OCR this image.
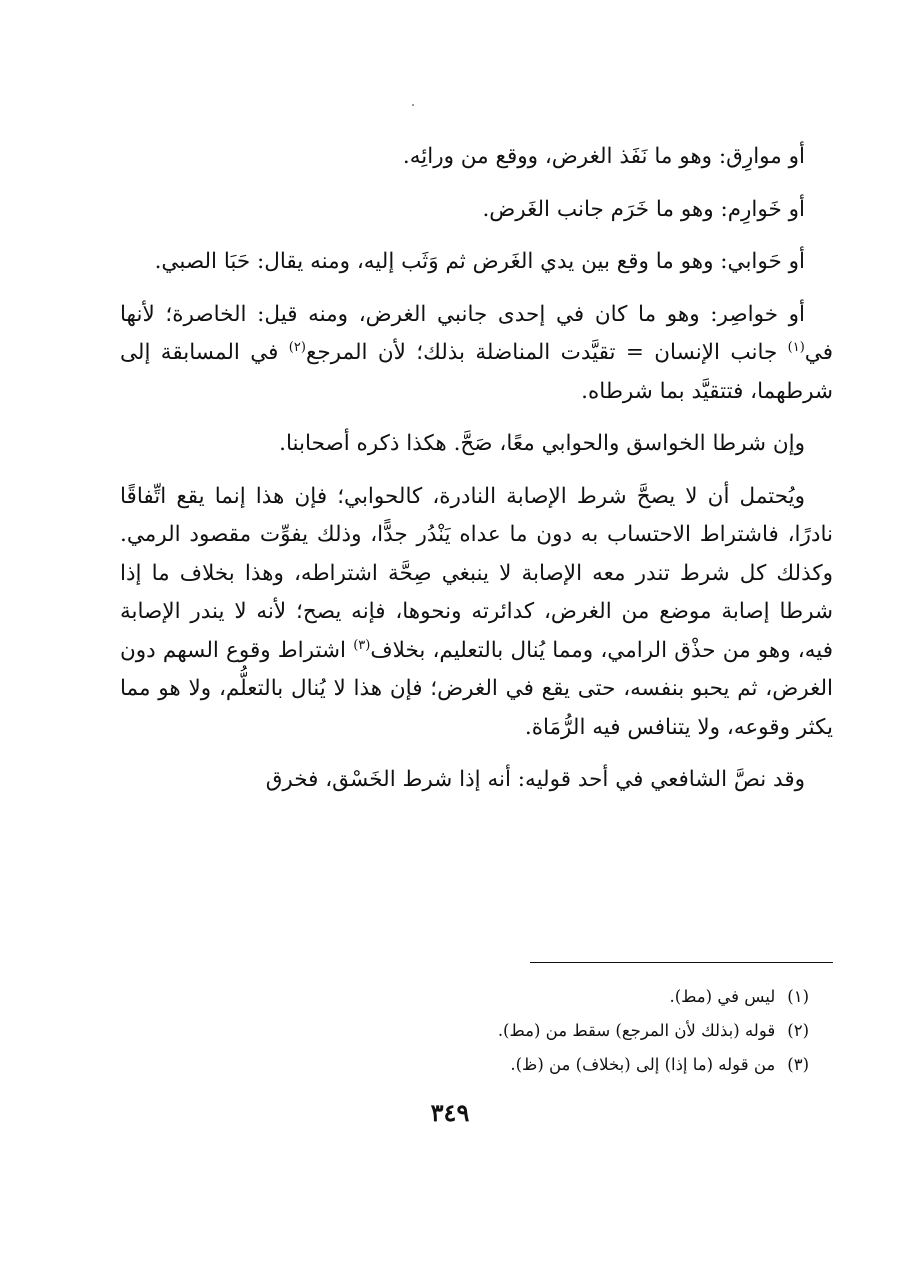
أو موارِق: وهو ما نَفَذ الغرض، ووقع من ورائِه.

أو خَوارِم: وهو ما خَرَم جانب الغَرض.

أو حَوابي: وهو ما وقع بين يدي الغَرض ثم وَثَب إليه، ومنه يقال: حَبَا الصبي.

أو خواصِر: وهو ما كان في إحدى جانبي الغرض، ومنه قيل: الخاصرة؛ لأنها في$^{(١)}$ جانب الإنسان = تقيَّدت المناضلة بذلك؛ لأن المرجع$^{(٢)}$ في المسابقة إلى شرطهما، فتتقيَّد بما شرطاه.

وإن شرطا الخواسق والحوابي معًا، صَحَّ. هكذا ذكره أصحابنا.

ويُحتمل أن لا يصحَّ شرط الإصابة النادرة، كالحوابي؛ فإن هذا إنما يقع اتِّفاقًا نادرًا، فاشتراط الاحتساب به دون ما عداه يَنْدُر جدًّا، وذلك يفوِّت مقصود الرمي. وكذلك كل شرط تندر معه الإصابة لا ينبغي صِحَّة اشتراطه، وهذا بخلاف ما إذا شرطا إصابة موضع من الغرض، كدائرته ونحوها، فإنه يصح؛ لأنه لا يندر الإصابة فيه، وهو من حذْق الرامي، ومما يُنال بالتعليم، بخلاف$^{(٣)}$ اشتراط وقوع السهم دون الغرض، ثم يحبو بنفسه، حتى يقع في الغرض؛ فإن هذا لا يُنال بالتعلُّم، ولا هو مما يكثر وقوعه، ولا يتنافس فيه الرُّمَاة.

وقد نصَّ الشافعي في أحد قوليه: أنه إذا شرط الخَسْق، فخرق

(١)ليس في (مط).

(٢)قوله (بذلك لأن المرجع) سقط من (مط).

(٣)من قوله (ما إذا) إلى (بخلاف) من (ظ).

٣٤٩
